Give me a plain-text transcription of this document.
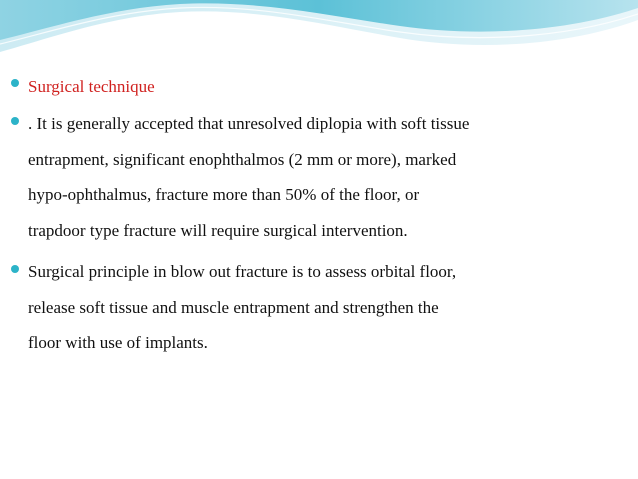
Surgical technique

. It is generally accepted that unresolved diplopia with soft tissue

entrapment, significant enophthalmos (2 mm or more), marked

hypo-ophthalmus, fracture more than 50% of the floor, or

trapdoor type fracture will require surgical intervention.

Surgical principle in blow out fracture is to assess orbital floor,

release soft tissue and muscle entrapment and strengthen the

floor with use of implants.
